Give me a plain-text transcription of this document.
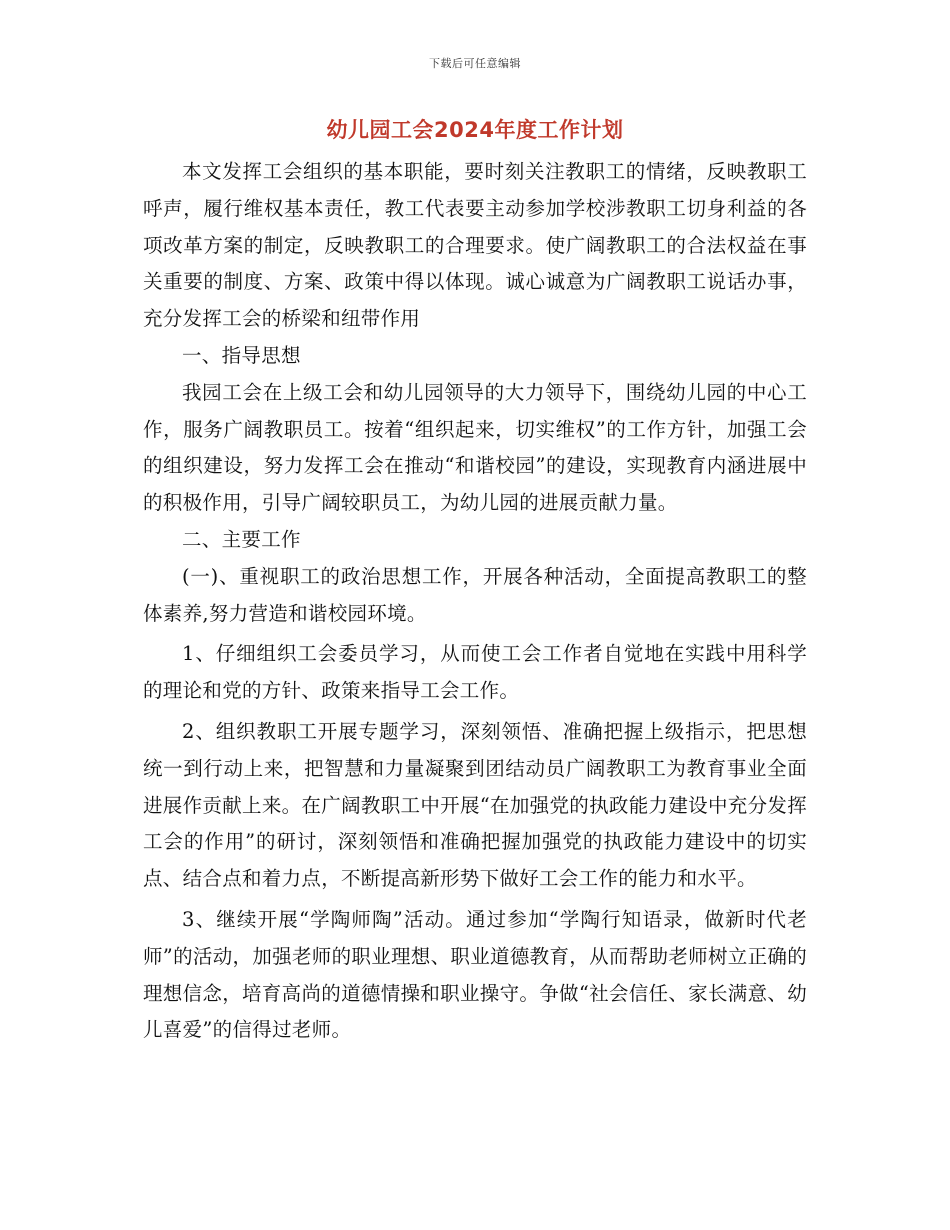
下载后可任意编辑
幼儿园工会2024年度工作计划

本文发挥工会组织的基本职能，要时刻关注教职工的情绪，反映教职工呼声，履行维权基本责任，教工代表要主动参加学校涉教职工切身利益的各项改革方案的制定，反映教职工的合理要求。使广阔教职工的合法权益在事关重要的制度、方案、政策中得以体现。诚心诚意为广阔教职工说话办事，充分发挥工会的桥梁和纽带作用

一、指导思想

我园工会在上级工会和幼儿园领导的大力领导下，围绕幼儿园的中心工作，服务广阔教职员工。按着“组织起来，切实维权”的工作方针，加强工会的组织建设，努力发挥工会在推动“和谐校园”的建设，实现教育内涵进展中的积极作用，引导广阔较职员工，为幼儿园的进展贡献力量。

二、主要工作

(一)、重视职工的政治思想工作，开展各种活动，全面提高教职工的整体素养,努力营造和谐校园环境。

1、仔细组织工会委员学习，从而使工会工作者自觉地在实践中用科学的理论和党的方针、政策来指导工会工作。

2、组织教职工开展专题学习，深刻领悟、准确把握上级指示，把思想统一到行动上来，把智慧和力量凝聚到团结动员广阔教职工为教育事业全面进展作贡献上来。在广阔教职工中开展“在加强党的执政能力建设中充分发挥工会的作用”的研讨，深刻领悟和准确把握加强党的执政能力建设中的切实点、结合点和着力点，不断提高新形势下做好工会工作的能力和水平。

3、继续开展“学陶师陶”活动。通过参加“学陶行知语录，做新时代老师”的活动，加强老师的职业理想、职业道德教育，从而帮助老师树立正确的理想信念，培育高尚的道德情操和职业操守。争做“社会信任、家长满意、幼儿喜爱”的信得过老师。
